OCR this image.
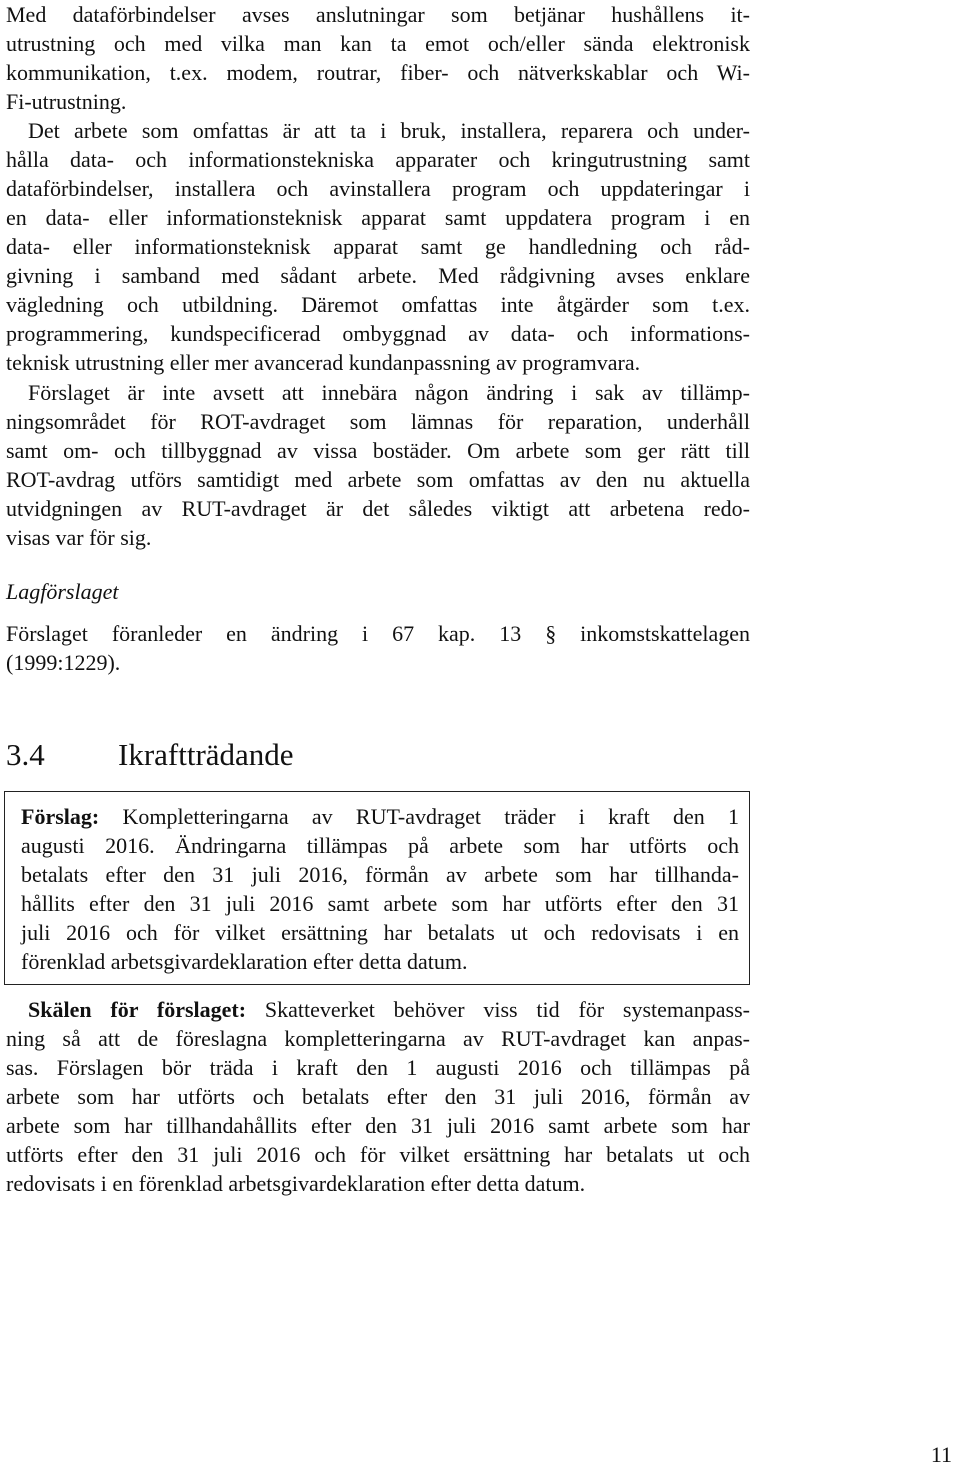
Med dataförbindelser avses anslutningar som betjänar hushållens it-
utrustning och med vilka man kan ta emot och/eller sända elektronisk
kommunikation, t.ex. modem, routrar, fiber- och nätverkskablar och Wi-
Fi-utrustning.
Det arbete som omfattas är att ta i bruk, installera, reparera och under-
hålla data- och informationstekniska apparater och kringutrustning samt
dataförbindelser, installera och avinstallera program och uppdateringar i
en data- eller informationsteknisk apparat samt uppdatera program i en
data- eller informationsteknisk apparat samt ge handledning och råd-
givning i samband med sådant arbete. Med rådgivning avses enklare
vägledning och utbildning. Däremot omfattas inte åtgärder som t.ex.
programmering, kundspecificerad ombyggnad av data- och informations-
teknisk utrustning eller mer avancerad kundanpassning av programvara.
Förslaget är inte avsett att innebära någon ändring i sak av tillämp-
ningsområdet för ROT-avdraget som lämnas för reparation, underhåll
samt om- och tillbyggnad av vissa bostäder. Om arbete som ger rätt till
ROT-avdrag utförs samtidigt med arbete som omfattas av den nu aktuella
utvidgningen av RUT-avdraget är det således viktigt att arbetena redo-
visas var för sig.
Lagförslaget
Förslaget föranleder en ändring i 67 kap. 13 § inkomstskattelagen
(1999:1229).
3.4 Ikraftträdande
Förslag: Kompletteringarna av RUT-avdraget träder i kraft den 1
augusti 2016. Ändringarna tillämpas på arbete som har utförts och
betalats efter den 31 juli 2016, förmån av arbete som har tillhanda-
hållits efter den 31 juli 2016 samt arbete som har utförts efter den 31
juli 2016 och för vilket ersättning har betalats ut och redovisats i en
förenklad arbetsgivardeklaration efter detta datum.
Skälen för förslaget: Skatteverket behöver viss tid för systemanpass-
ning så att de föreslagna kompletteringarna av RUT-avdraget kan anpas-
sas. Förslagen bör träda i kraft den 1 augusti 2016 och tillämpas på
arbete som har utförts och betalats efter den 31 juli 2016, förmån av
arbete som har tillhandahållits efter den 31 juli 2016 samt arbete som har
utförts efter den 31 juli 2016 och för vilket ersättning har betalats ut och
redovisats i en förenklad arbetsgivardeklaration efter detta datum.
11
